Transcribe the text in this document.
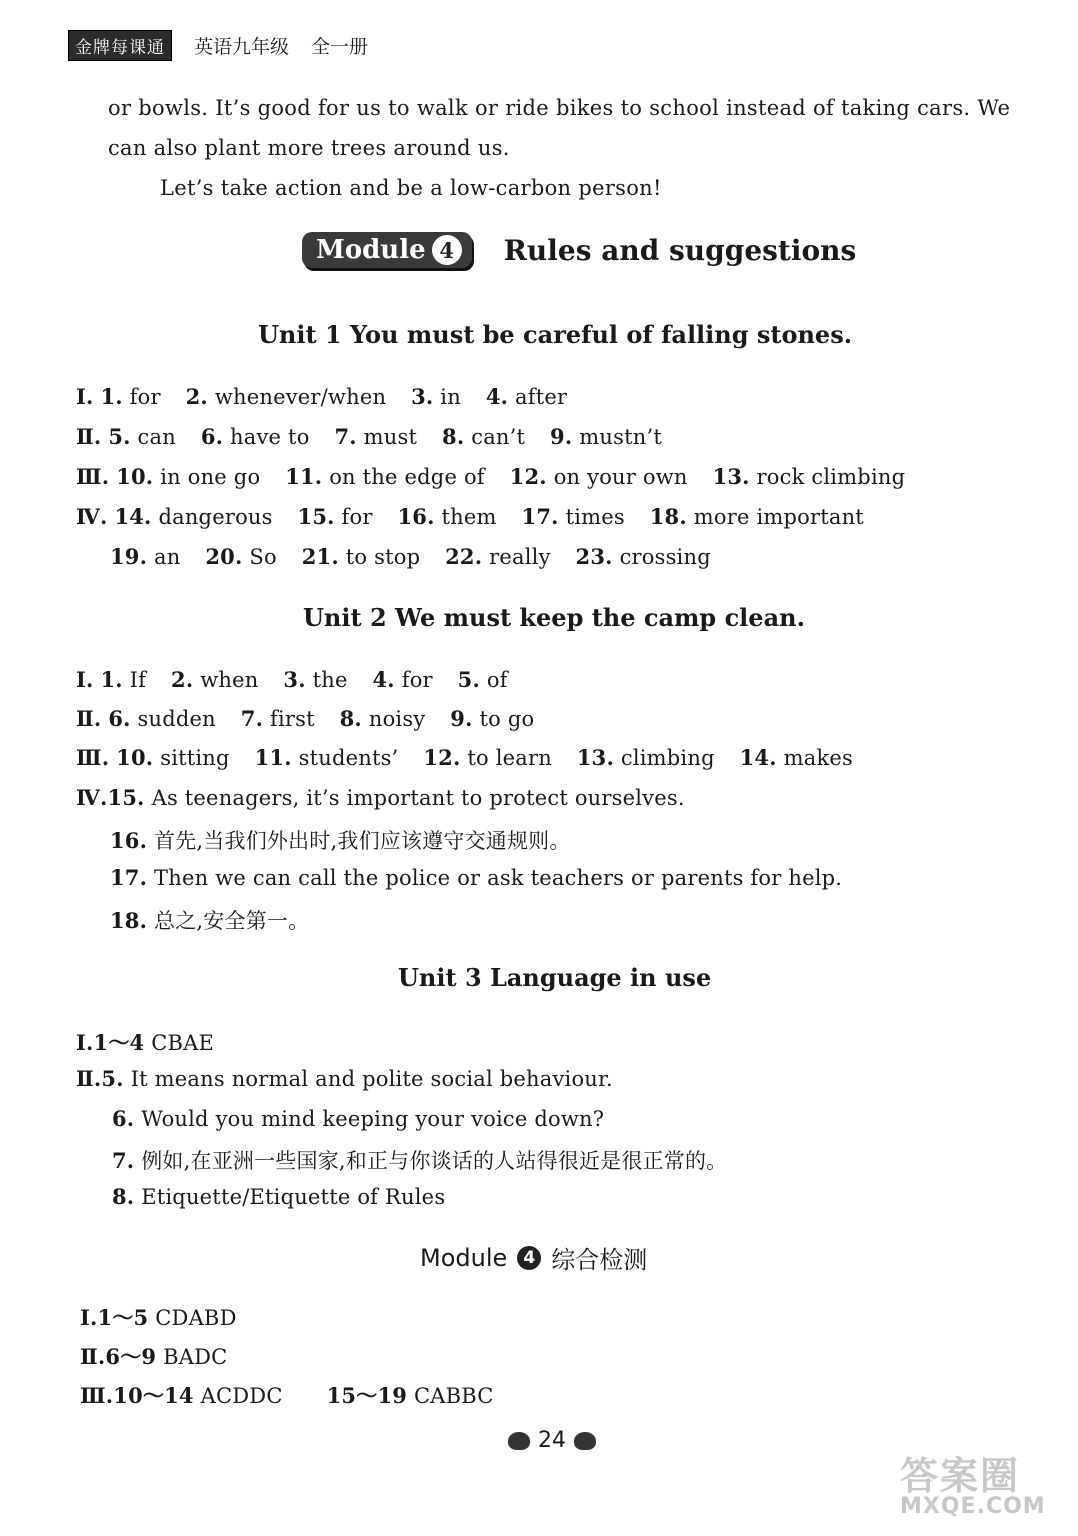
金牌每课通	英语九年级 全一册
or bowls. It’s good for us to walk or ride bikes to school instead of taking cars. We
can also plant more trees around us.
Let’s take action and be a low-carbon person!
Module 4 Rules and suggestions
Unit 1 You must be careful of falling stones.
Ⅰ. 1. for 2. whenever/when 3. in 4. after
Ⅱ. 5. can 6. have to 7. must 8. can’t 9. mustn’t
Ⅲ. 10. in one go 11. on the edge of 12. on your own 13. rock climbing
Ⅳ. 14. dangerous 15. for 16. them 17. times 18. more important
19. an 20. So 21. to stop 22. really 23. crossing
Unit 2 We must keep the camp clean.
Ⅰ. 1. If 2. when 3. the 4. for 5. of
Ⅱ. 6. sudden 7. first 8. noisy 9. to go
Ⅲ. 10. sitting 11. students’ 12. to learn 13. climbing 14. makes
Ⅳ.15. As teenagers, it’s important to protect ourselves.
16. 首先,当我们外出时,我们应该遵守交通规则。
17. Then we can call the police or ask teachers or parents for help.
18. 总之,安全第一。
Unit 3 Language in use
Ⅰ.1～4 CBAE
Ⅱ.5. It means normal and polite social behaviour.
6. Would you mind keeping your voice down?
7. 例如,在亚洲一些国家,和正与你谈话的人站得很近是很正常的。
8. Etiquette/Etiquette of Rules
Module 4 综合检测
Ⅰ.1～5 CDABD
Ⅱ.6～9 BADC
Ⅲ.10～14 ACDDC 15～19 CABBC
24
答案圈
MXQE.COM
